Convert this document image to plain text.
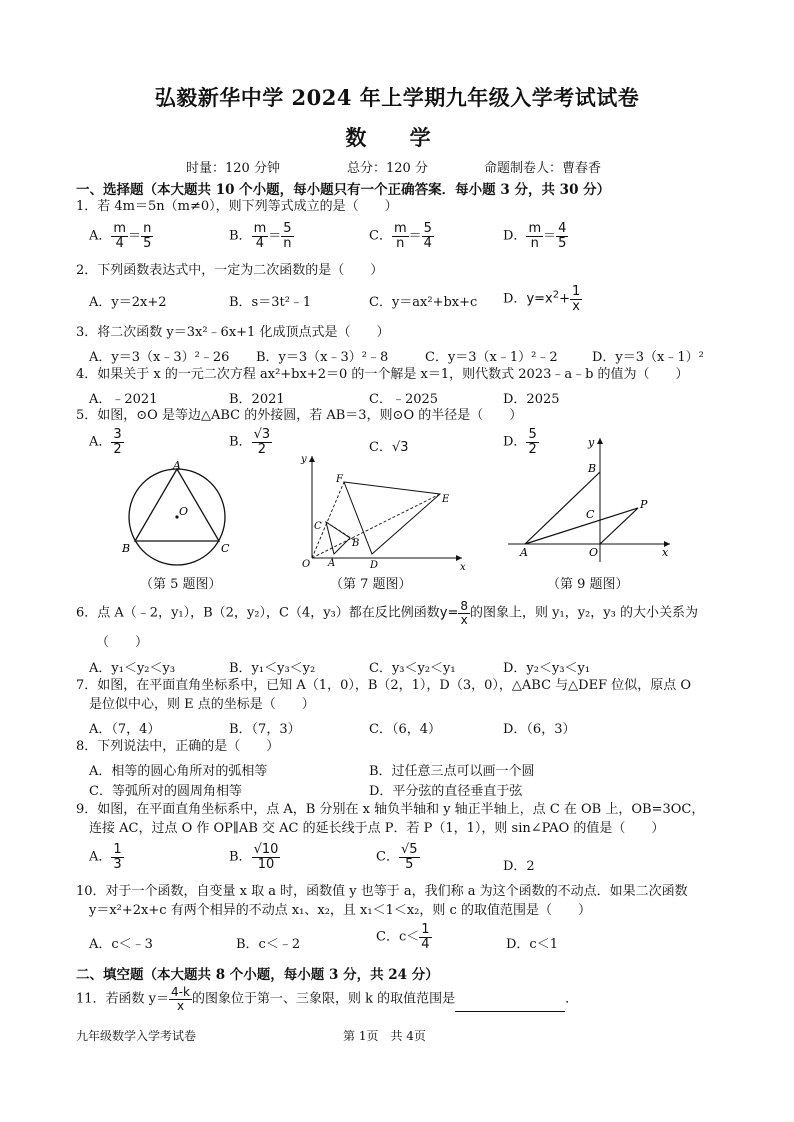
弘毅新华中学 2024 年上学期九年级入学考试试卷
数 学
时量：120 分钟	总分：120 分	命题制卷人：曹春香
一、选择题（本大题共 10 个小题，每小题只有一个正确答案．每小题 3 分，共 30 分）
1．若 4m＝5n（m≠0），则下列等式成立的是（　　）
A． $\frac{m}{4} = \frac{n}{5}$	B． $\frac{m}{4} = \frac{5}{n}$	C． $\frac{m}{n} = \frac{5}{4}$	D． $\frac{m}{n} = \frac{4}{5}$
2．下列函数表达式中，一定为二次函数的是（　　）
A．y＝2x+2	B．s＝3t²﹣1	C．y＝ax²+bx+c D．$y=x^2+ \frac{1}{x}$
3．将二次函数 y＝3x²﹣6x+1 化成顶点式是（　　）
A．y＝3（x﹣3）²﹣26 B．y＝3（x﹣3）²﹣8	C．y＝3（x﹣1）²﹣2	D．y＝3（x﹣1）²
4．如果关于 x 的一元二次方程 ax²+bx+2＝0 的一个解是 x＝1，则代数式 2023﹣a﹣b 的值为（　　）
A．﹣2021	B．2021	C．﹣2025	D．2025
5．如图，⊙O 是等边△ABC 的外接圆，若 AB＝3，则⊙O 的半径是（　　）
A． $\frac{3}{2}$	B． $\frac{√3}{2}$	C．√3	D． $\frac{5}{2}$
A
B	C
O
（第 5 题图）
y
x
O
F
E
D
C
B
A
（第 7 题图）
y
x
B
C
P
A	O
（第 9 题图）
6．点 A（﹣2，y₁），B（2，y₂），C（4，y₃）都在反比例函数$y= \frac{8}{x}$ 的图象上，则 y₁，y₂，y₃ 的大小关系为
（　　）
A．y₁＜y₂＜y₃	B．y₁＜y₃＜y₂	C．y₃＜y₂＜y₁	D．y₂＜y₃＜y₁
7．如图，在平面直角坐标系中，已知 A（1，0），B（2，1），D（3，0），△ABC 与△DEF 位似，原点 O
是位似中心，则 E 点的坐标是（　　）
A．（7，4）	B．（7，3）	C．（6，4）	D．（6，3）
8．下列说法中，正确的是（　　）
A．相等的圆心角所对的弧相等	B．过任意三点可以画一个圆
C．等弧所对的圆周角相等	D．平分弦的直径垂直于弦
9．如图，在平面直角坐标系中，点 A，B 分别在 x 轴负半轴和 y 轴正半轴上，点 C 在 OB 上，OB=3OC，
连接 AC，过点 O 作 OP∥AB 交 AC 的延长线于点 P．若 P（1，1），则 sin∠PAO 的值是（　　）
A． $\frac{1}{3}$	B． $\frac{√10}{10}$	C． $\frac{√5}{5}$	D．2
10．对于一个函数，自变量 x 取 a 时，函数值 y 也等于 a，我们称 a 为这个函数的不动点．如果二次函数
y＝x²+2x+c 有两个相异的不动点 x₁、x₂，且 x₁＜1＜x₂，则 c 的取值范围是（　　）
A．c＜﹣3	B．c＜﹣2	C．$c< \frac{1}{4}$	D．c＜1
二、填空题（本大题共 8 个小题，每小题 3 分，共 24 分）
11．若函数 $y= \frac{4-k}{x}$ 的图象位于第一、三象限，则 k 的取值范围是	．
九年级数学入学考试卷	第 1页　共 4页
